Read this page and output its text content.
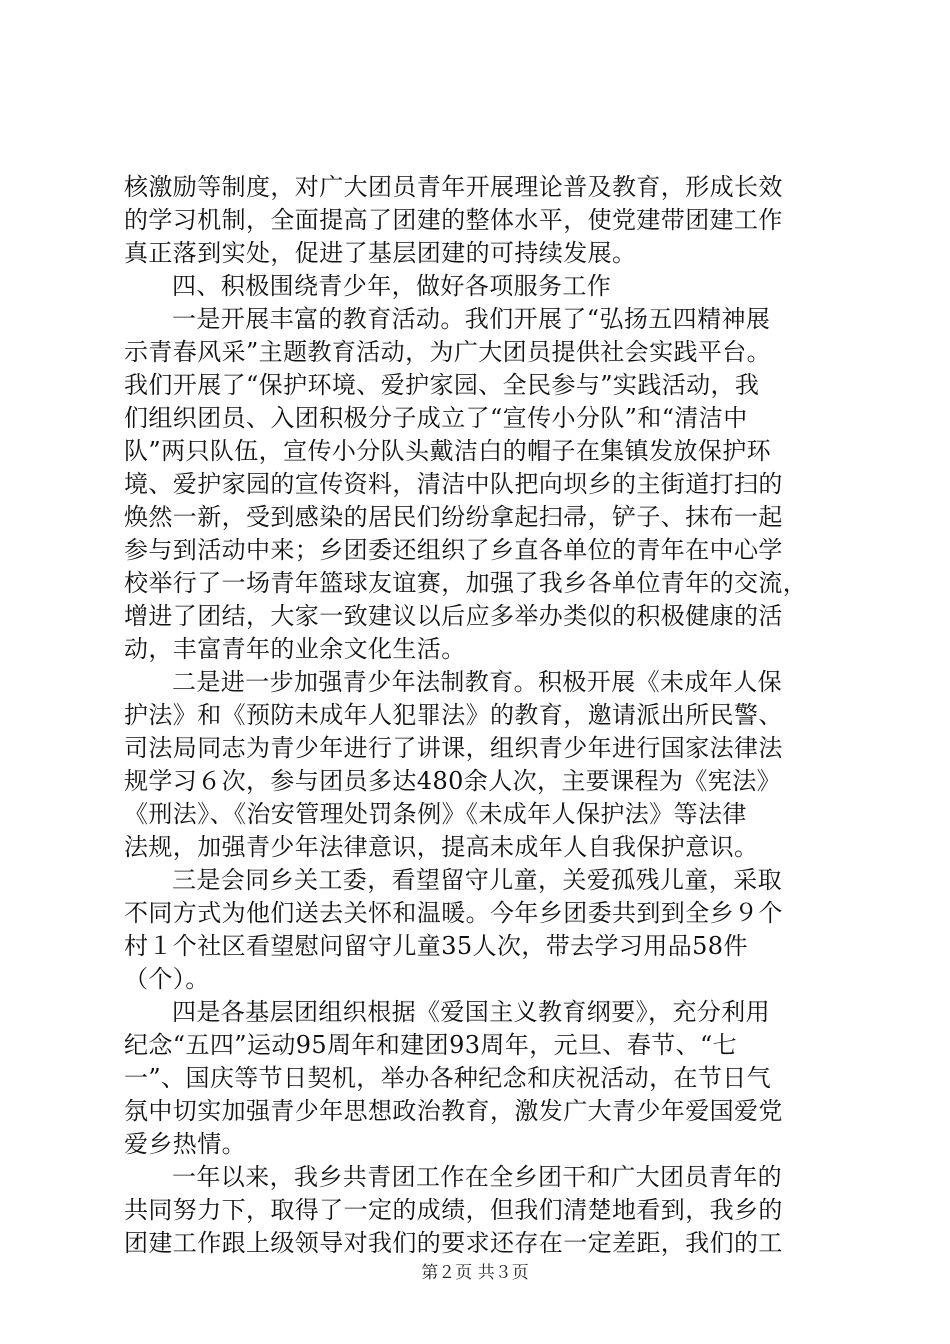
核激励等制度，对广大团员青年开展理论普及教育，形成长效
的学习机制，全面提高了团建的整体水平，使党建带团建工作
真正落到实处，促进了基层团建的可持续发展。
四、积极围绕青少年，做好各项服务工作
一是开展丰富的教育活动。我们开展了“弘扬五四精神展
示青春风采”主题教育活动，为广大团员提供社会实践平台。
我们开展了“保护环境、爱护家园、全民参与”实践活动，我
们组织团员、入团积极分子成立了“宣传小分队”和“清洁中
队”两只队伍，宣传小分队头戴洁白的帽子在集镇发放保护环
境、爱护家园的宣传资料，清洁中队把向坝乡的主街道打扫的
焕然一新，受到感染的居民们纷纷拿起扫帚，铲子、抹布一起
参与到活动中来；乡团委还组织了乡直各单位的青年在中心学
校举行了一场青年篮球友谊赛，加强了我乡各单位青年的交流，
增进了团结，大家一致建议以后应多举办类似的积极健康的活
动，丰富青年的业余文化生活。
二是进一步加强青少年法制教育。积极开展《未成年人保
护法》和《预防未成年人犯罪法》的教育，邀请派出所民警、
司法局同志为青少年进行了讲课，组织青少年进行国家法律法
规学习６次，参与团员多达480余人次，主要课程为《宪法》
《刑法》、《治安管理处罚条例》《未成年人保护法》等法律
法规，加强青少年法律意识，提高未成年人自我保护意识。
三是会同乡关工委，看望留守儿童，关爱孤残儿童，采取
不同方式为他们送去关怀和温暖。今年乡团委共到到全乡９个
村１个社区看望慰问留守儿童35人次，带去学习用品58件
（个）。
四是各基层团组织根据《爱国主义教育纲要》，充分利用
纪念“五四”运动95周年和建团93周年，元旦、春节、“七
一”、国庆等节日契机，举办各种纪念和庆祝活动，在节日气
氛中切实加强青少年思想政治教育，激发广大青少年爱国爱党
爱乡热情。
一年以来，我乡共青团工作在全乡团干和广大团员青年的
共同努力下，取得了一定的成绩，但我们清楚地看到，我乡的
团建工作跟上级领导对我们的要求还存在一定差距，我们的工
第２页 共３页
